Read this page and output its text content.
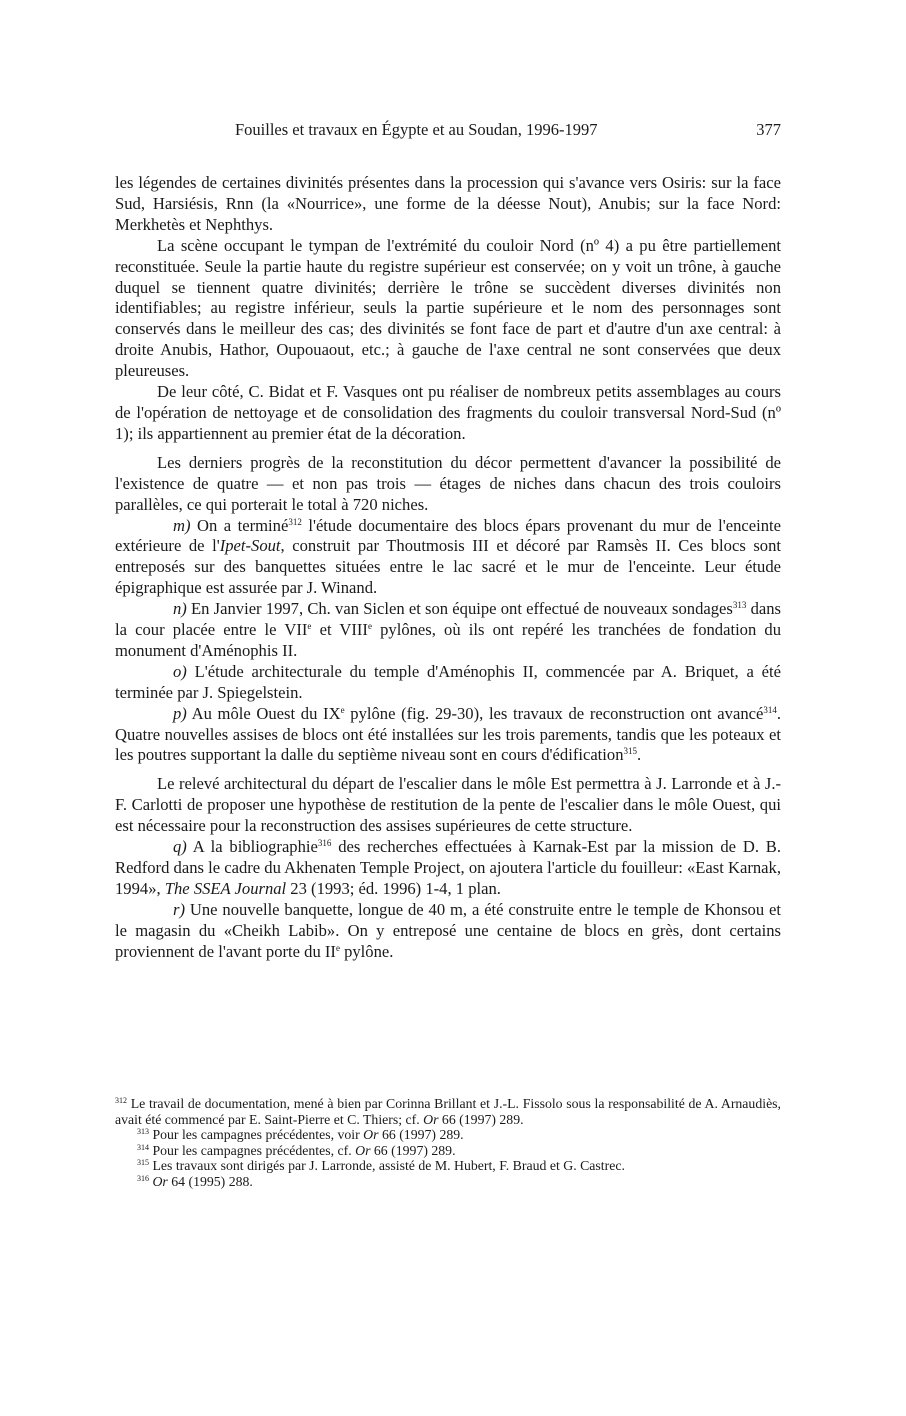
Fouilles et travaux en Égypte et au Soudan, 1996-1997	377

les légendes de certaines divinités présentes dans la procession qui s'avance vers Osiris: sur la face Sud, Harsiésis, Rnn (la «Nourrice», une forme de la déesse Nout), Anubis; sur la face Nord: Merkhetès et Nephthys.

La scène occupant le tympan de l'extrémité du couloir Nord (nº 4) a pu être partiellement reconstituée. Seule la partie haute du registre supérieur est conservée; on y voit un trône, à gauche duquel se tiennent quatre divinités; derrière le trône se succèdent diverses divinités non identifiables; au registre inférieur, seuls la partie supérieure et le nom des personnages sont conservés dans le meilleur des cas; des divinités se font face de part et d'autre d'un axe central: à droite Anubis, Hathor, Oupouaout, etc.; à gauche de l'axe central ne sont conservées que deux pleureuses.

De leur côté, C. Bidat et F. Vasques ont pu réaliser de nombreux petits assemblages au cours de l'opération de nettoyage et de consolidation des fragments du couloir transversal Nord-Sud (nº 1); ils appartiennent au premier état de la décoration.

Les derniers progrès de la reconstitution du décor permettent d'avancer la possibilité de l'existence de quatre — et non pas trois — étages de niches dans chacun des trois couloirs parallèles, ce qui porterait le total à 720 niches.

m) On a terminé$^{312}$ l'étude documentaire des blocs épars provenant du mur de l'enceinte extérieure de l'Ipet-Sout, construit par Thoutmosis III et décoré par Ramsès II. Ces blocs sont entreposés sur des banquettes situées entre le lac sacré et le mur de l'enceinte. Leur étude épigraphique est assurée par J. Winand.

n) En Janvier 1997, Ch. van Siclen et son équipe ont effectué de nouveaux sondages$^{313}$ dans la cour placée entre le VIIe et VIIIe pylônes, où ils ont repéré les tranchées de fondation du monument d'Aménophis II.

o) L'étude architecturale du temple d'Aménophis II, commencée par A. Briquet, a été terminée par J. Spiegelstein.

p) Au môle Ouest du IXe pylône (fig. 29-30), les travaux de reconstruction ont avancé$^{314}$. Quatre nouvelles assises de blocs ont été installées sur les trois parements, tandis que les poteaux et les poutres supportant la dalle du septième niveau sont en cours d'édification$^{315}$.

Le relevé architectural du départ de l'escalier dans le môle Est permettra à J. Larronde et à J.-F. Carlotti de proposer une hypothèse de restitution de la pente de l'escalier dans le môle Ouest, qui est nécessaire pour la reconstruction des assises supérieures de cette structure.

q) A la bibliographie$^{316}$ des recherches effectuées à Karnak-Est par la mission de D. B. Redford dans le cadre du Akhenaten Temple Project, on ajoutera l'article du fouilleur: «East Karnak, 1994», The SSEA Journal 23 (1993; éd. 1996) 1-4, 1 plan.

r) Une nouvelle banquette, longue de 40 m, a été construite entre le temple de Khonsou et le magasin du «Cheikh Labib». On y entreposé une centaine de blocs en grès, dont certains proviennent de l'avant porte du IIe pylône.

$^{312}$ Le travail de documentation, mené à bien par Corinna Brillant et J.-L. Fissolo sous la responsabilité de A. Arnaudiès, avait été commencé par E. Saint-Pierre et C. Thiers; cf. Or 66 (1997) 289.

$^{313}$ Pour les campagnes précédentes, voir Or 66 (1997) 289.

$^{314}$ Pour les campagnes précédentes, cf. Or 66 (1997) 289.

$^{315}$ Les travaux sont dirigés par J. Larronde, assisté de M. Hubert, F. Braud et G. Castrec.

$^{316}$ Or 64 (1995) 288.
